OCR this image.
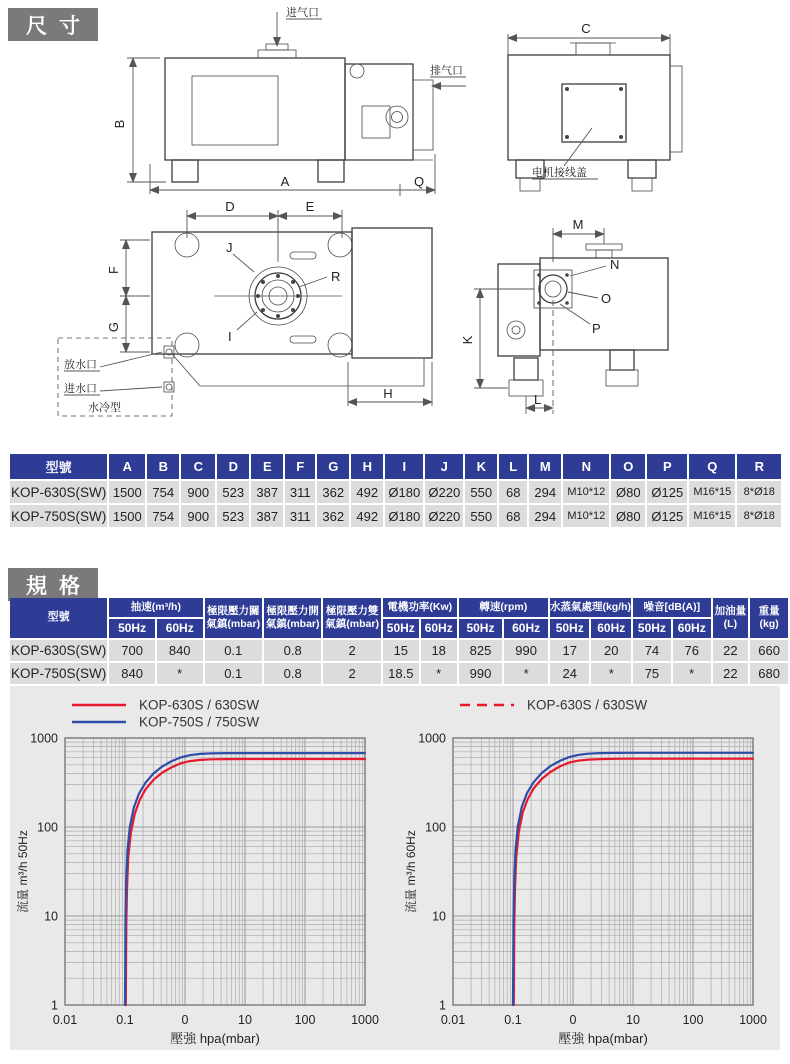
尺寸
进气口
排气口
B
A	Q
C
电机接线盖
D	E
F
G
J
I
R
H
放水口
进水口
水冷型
M
N
O
P
K
L
型號	A	B	C	D	E	F	G	H	I	J	K	L	M	N	O	P	Q	R
KOP-630S(SW)	1500	754	900	523	387	311	362	492	Ø180	Ø220	550	68	294	M10*12	Ø80	Ø125	M16*15	8*Ø18
KOP-750S(SW)	1500	754	900	523	387	311	362	492	Ø180	Ø220	550	68	294	M10*12	Ø80	Ø125	M16*15	8*Ø18
規格
型號	抽速(m³/h)		極限壓力關氣鎮(mbar)	極限壓力開氣鎮(mbar)	極限壓力雙氣鎮(mbar)	電機功率(Kw)		轉速(rpm)		水蒸氣處理(kg/h)		噪音[dB(A)]		加油量(L)	重量(kg)
	50Hz	60Hz				50Hz	60Hz	50Hz	60Hz	50Hz	60Hz	50Hz	60Hz		
KOP-630S(SW)	700	840	0.1	0.8	2	15	18	825	990	17	20	74	76	22	660
KOP-750S(SW)	840	*	0.1	0.8	2	18.5	*	990	*	24	*	75	*	22	680
1000
100
10
1
0.01	0.1	0	10	100	1000
壓強 hpa(mbar)
流量 m³/h 50Hz
KOP-630S / 630SW
KOP-750S / 750SW
1000
100
10
1
0.01	0.1	0	10	100	1000
壓強 hpa(mbar)
流量 m³/h 60Hz
KOP-630S / 630SW
